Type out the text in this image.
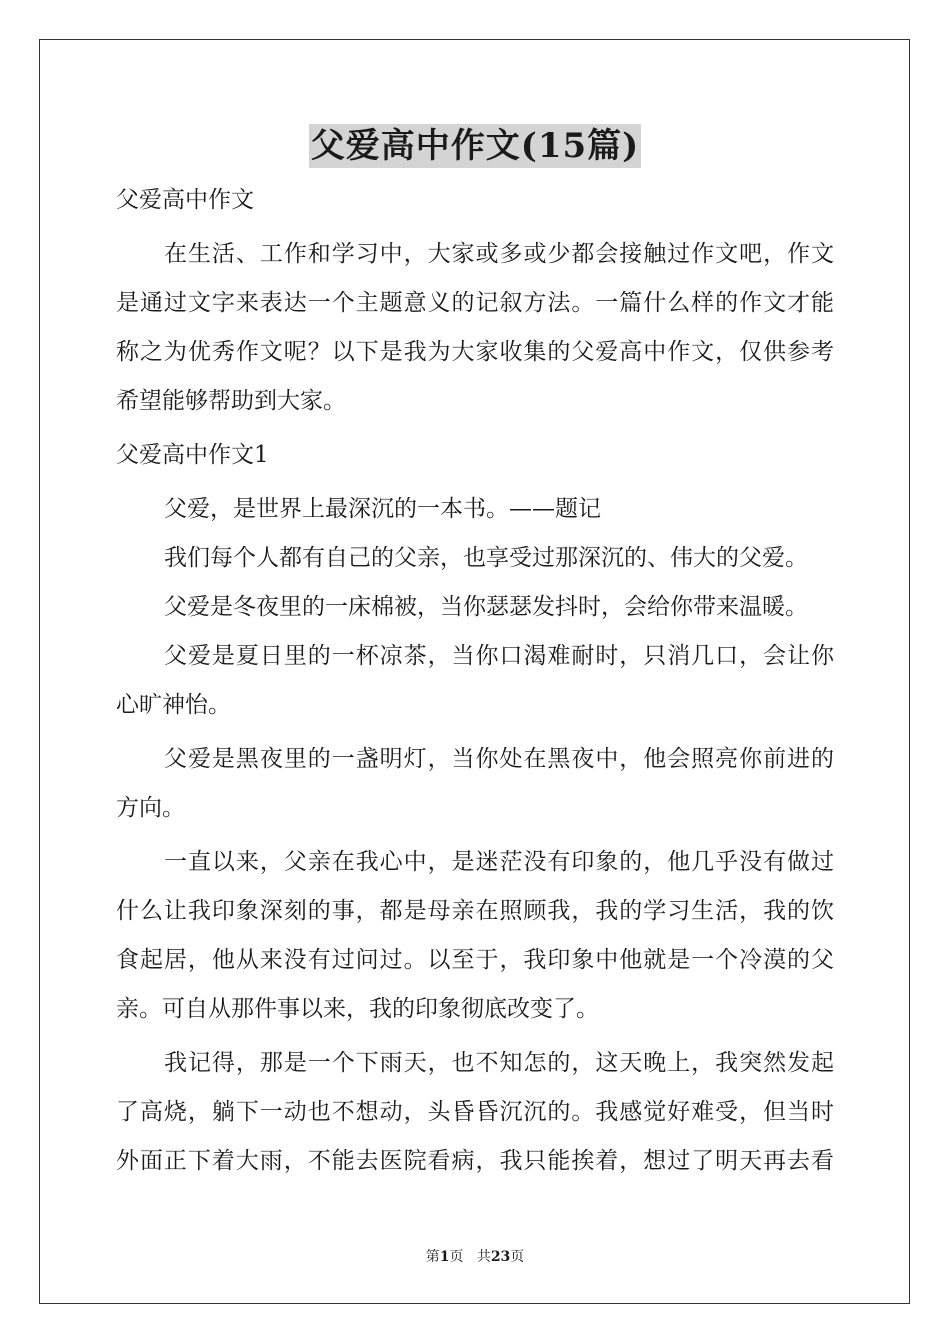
父爱高中作文(15篇)

父爱高中作文

在生活、工作和学习中，大家或多或少都会接触过作文吧，作文

是通过文字来表达一个主题意义的记叙方法。一篇什么样的作文才能

称之为优秀作文呢？以下是我为大家收集的父爱高中作文，仅供参考

希望能够帮助到大家。

父爱高中作文1

父爱，是世界上最深沉的一本书。——题记

我们每个人都有自己的父亲，也享受过那深沉的、伟大的父爱。

父爱是冬夜里的一床棉被，当你瑟瑟发抖时，会给你带来温暖。

父爱是夏日里的一杯凉茶，当你口渴难耐时，只消几口，会让你

心旷神怡。

父爱是黑夜里的一盏明灯，当你处在黑夜中，他会照亮你前进的

方向。

一直以来，父亲在我心中，是迷茫没有印象的，他几乎没有做过

什么让我印象深刻的事，都是母亲在照顾我，我的学习生活，我的饮

食起居，他从来没有过问过。以至于，我印象中他就是一个冷漠的父

亲。可自从那件事以来，我的印象彻底改变了。

我记得，那是一个下雨天，也不知怎的，这天晚上，我突然发起

了高烧，躺下一动也不想动，头昏昏沉沉的。我感觉好难受，但当时

外面正下着大雨，不能去医院看病，我只能挨着，想过了明天再去看

第1页 共23页
